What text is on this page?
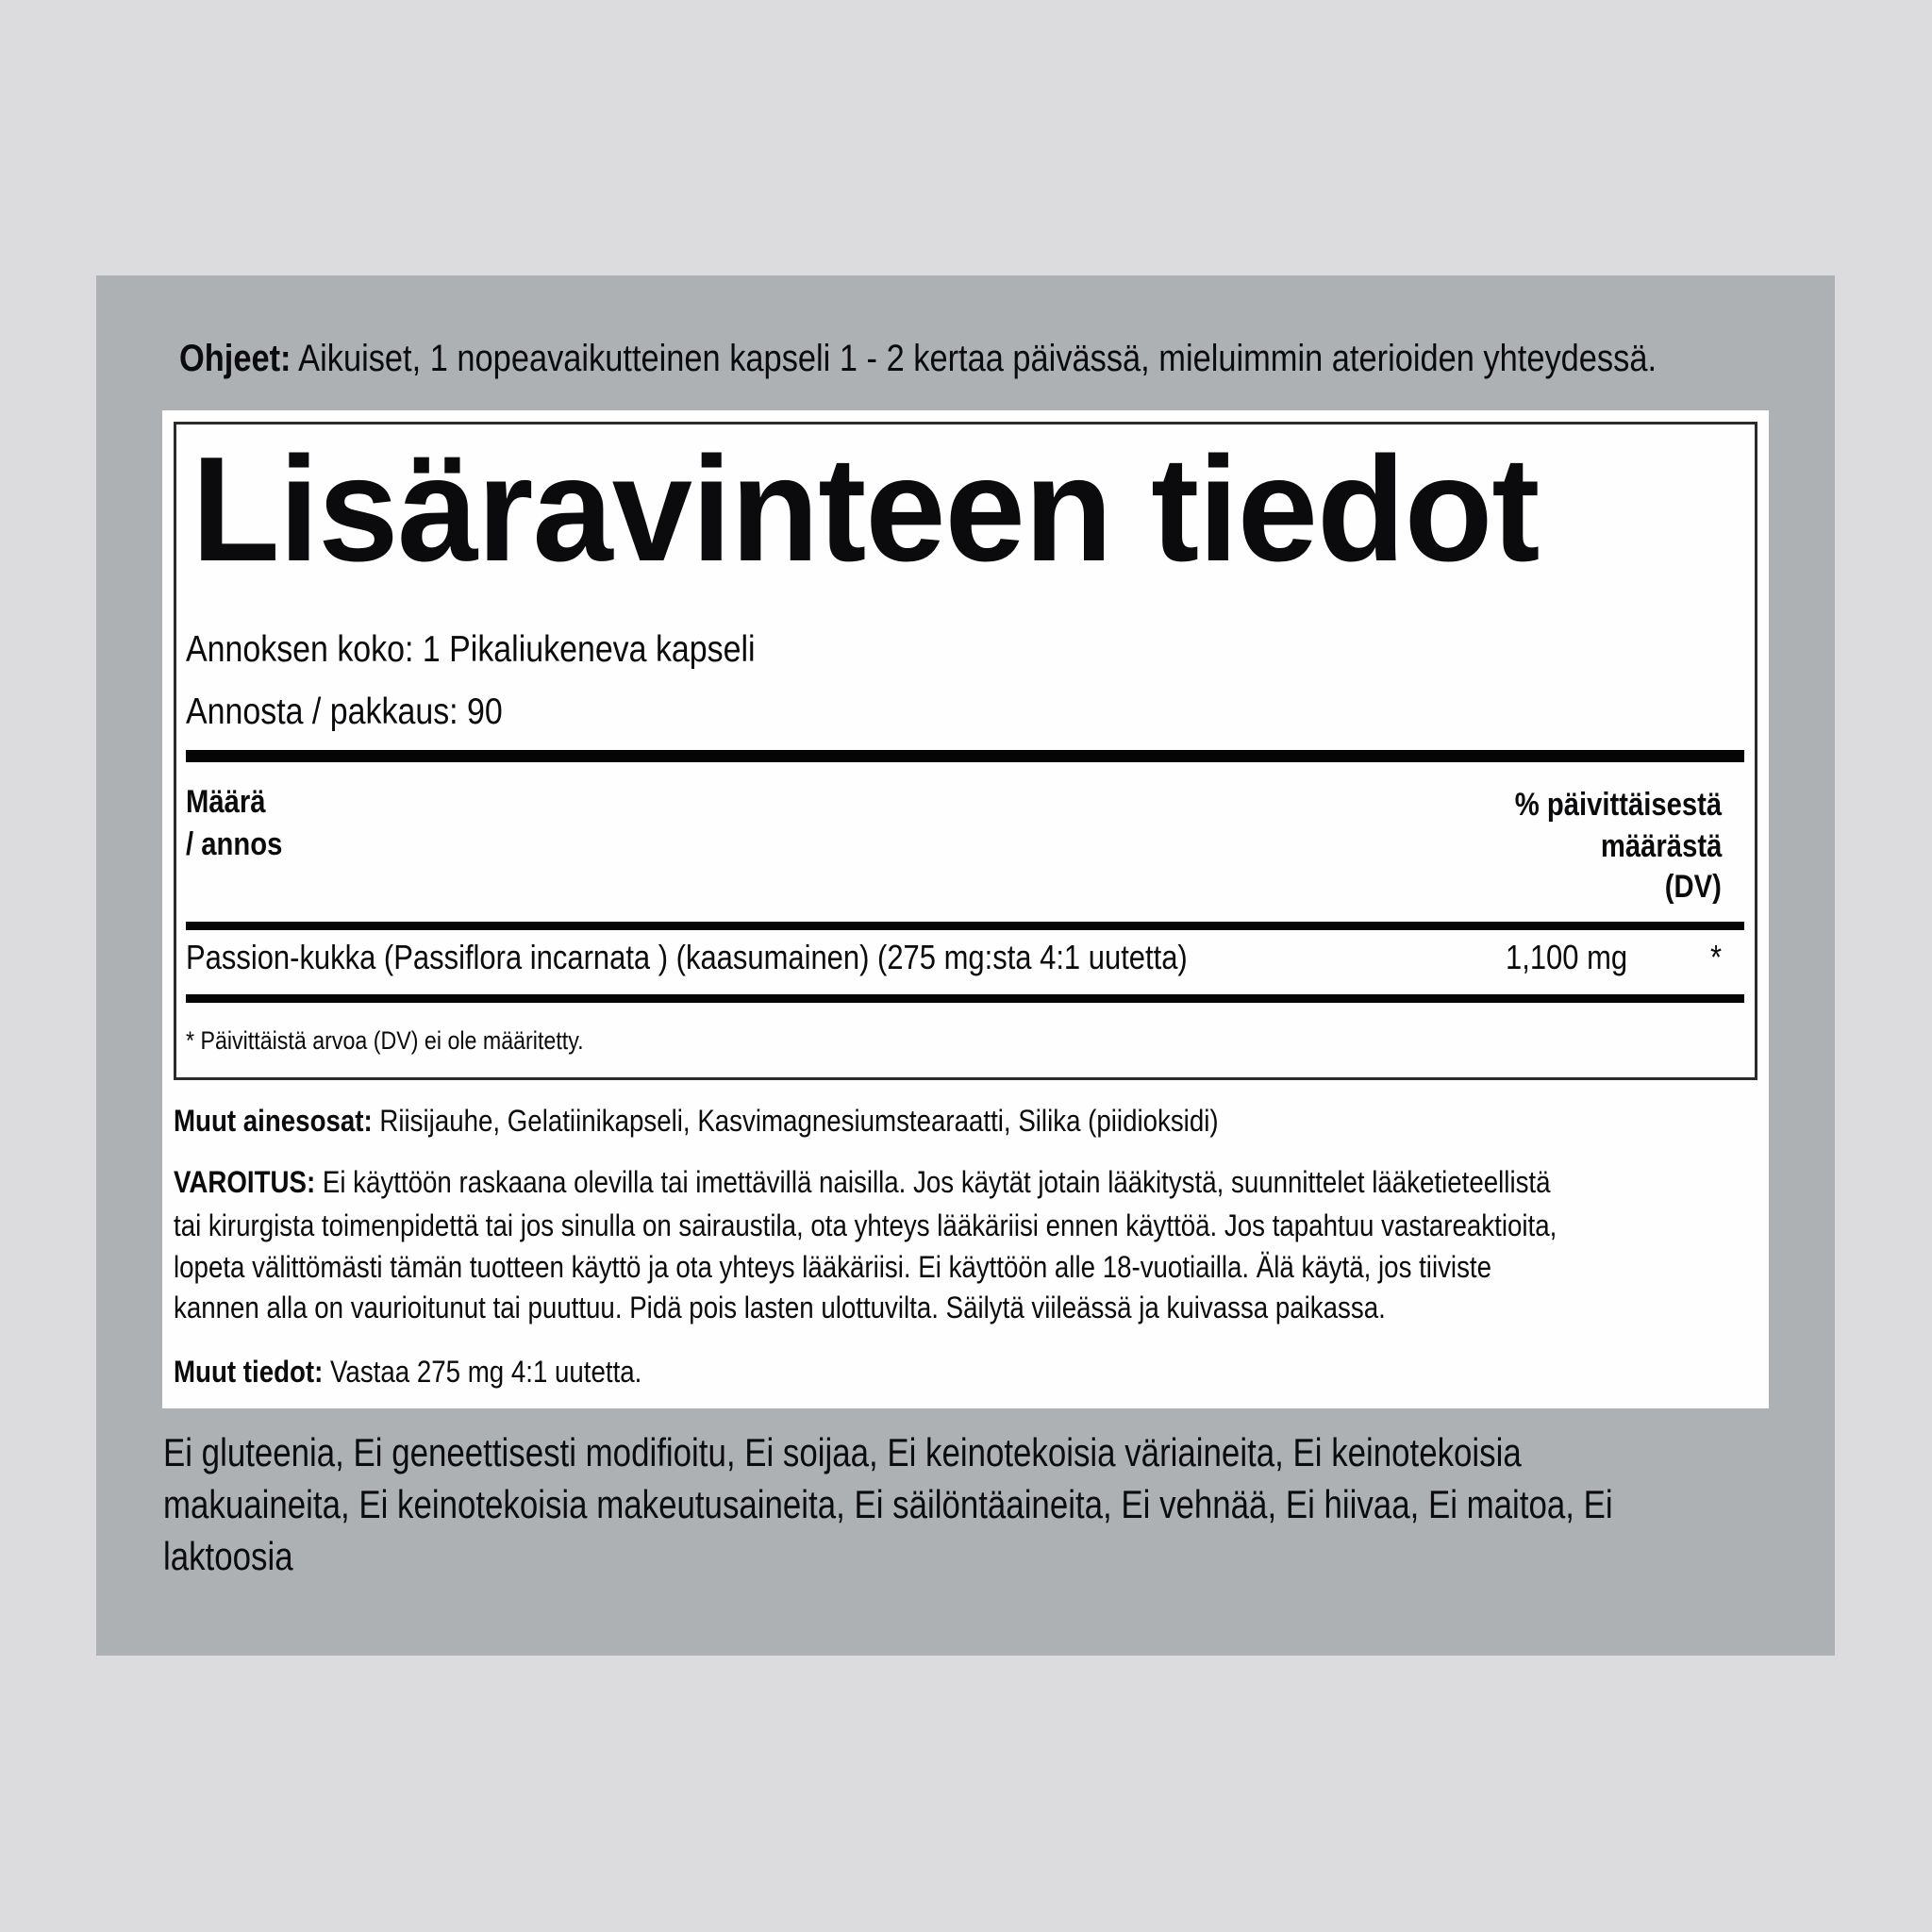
Ohjeet: Aikuiset, 1 nopeavaikutteinen kapseli 1 - 2 kertaa päivässä, mieluimmin aterioiden yhteydessä.
Lisäravinteen tiedot
Annoksen koko: 1 Pikaliukeneva kapseli
Annosta / pakkaus: 90
Määrä
/ annos
% päivittäisestä
määrästä
(DV)
Passion-kukka (Passiflora incarnata ) (kaasumainen) (275 mg:sta 4:1 uutetta)	1,100 mg *
* Päivittäistä arvoa (DV) ei ole määritetty.
Muut ainesosat: Riisijauhe, Gelatiinikapseli, Kasvimagnesiumstearaatti, Silika (piidioksidi)
VAROITUS: Ei käyttöön raskaana olevilla tai imettävillä naisilla. Jos käytät jotain lääkitystä, suunnittelet lääketieteellistä
tai kirurgista toimenpidettä tai jos sinulla on sairaustila, ota yhteys lääkäriisi ennen käyttöä. Jos tapahtuu vastareaktioita,
lopeta välittömästi tämän tuotteen käyttö ja ota yhteys lääkäriisi. Ei käyttöön alle 18-vuotiailla. Älä käytä, jos tiiviste
kannen alla on vaurioitunut tai puuttuu. Pidä pois lasten ulottuvilta. Säilytä viileässä ja kuivassa paikassa.
Muut tiedot: Vastaa 275 mg 4:1 uutetta.
Ei gluteenia, Ei geneettisesti modifioitu, Ei soijaa, Ei keinotekoisia väriaineita, Ei keinotekoisia
makuaineita, Ei keinotekoisia makeutusaineita, Ei säilöntäaineita, Ei vehnää, Ei hiivaa, Ei maitoa, Ei
laktoosia
